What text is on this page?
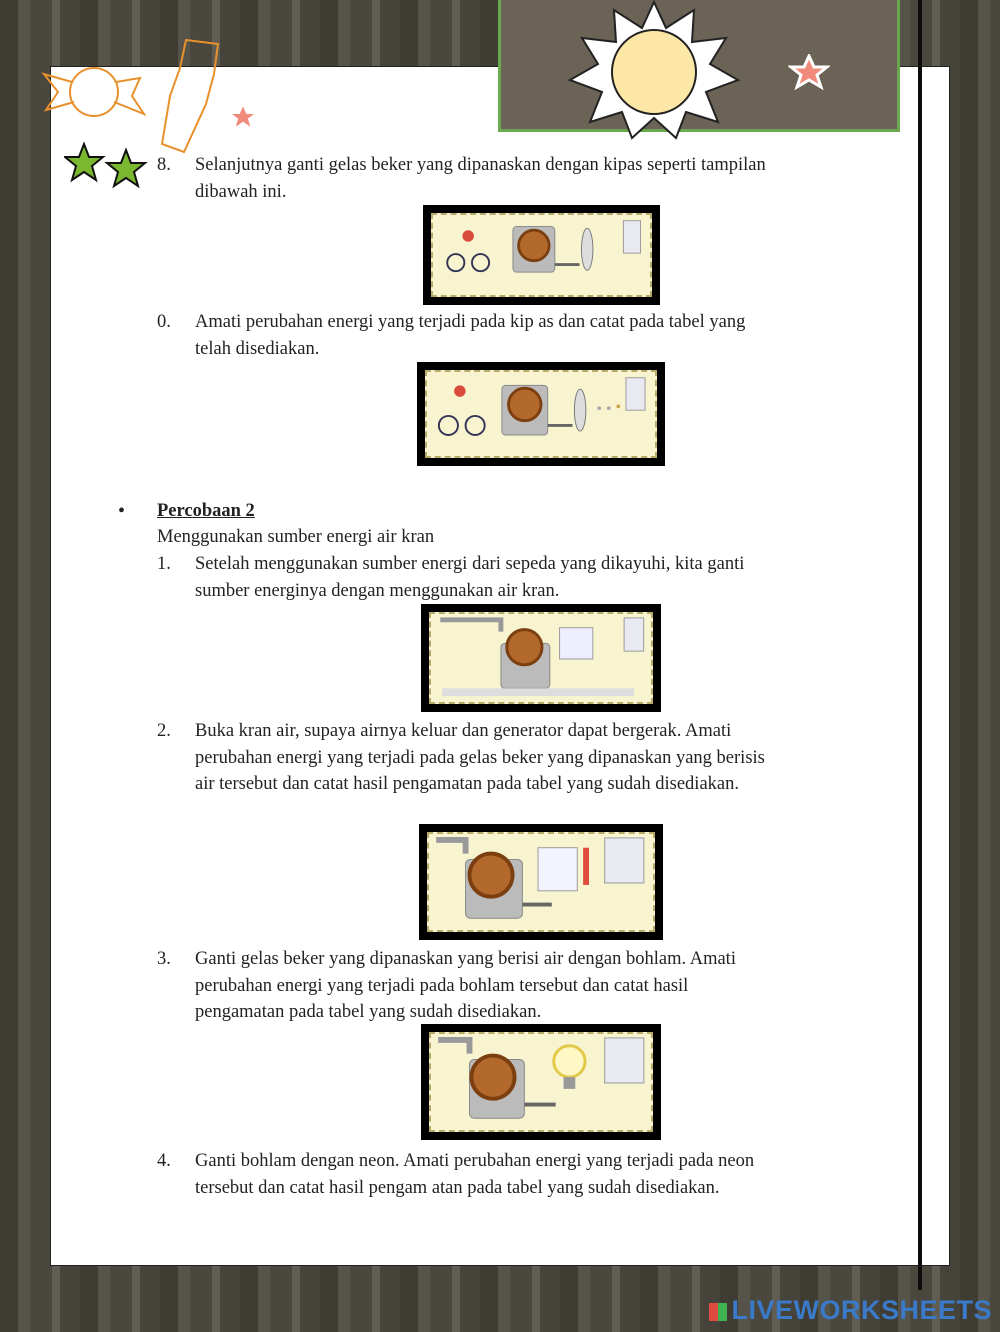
8.	Selanjutnya ganti gelas beker yang dipanaskan dengan kipas seperti tampilan dibawah ini.
0.	Amati perubahan energi yang terjadi pada kip as dan catat pada tabel yang telah disediakan.
• Percobaan 2
Menggunakan sumber energi air kran
1.	Setelah menggunakan sumber energi dari sepeda yang dikayuhi, kita ganti sumber energinya dengan menggunakan air kran.
2.	Buka kran air, supaya airnya keluar dan generator dapat bergerak. Amati perubahan energi yang terjadi pada gelas beker yang dipanaskan yang berisis air tersebut dan catat hasil pengamatan pada tabel yang sudah disediakan.
3.	Ganti gelas beker yang dipanaskan yang berisi air dengan bohlam. Amati perubahan energi yang terjadi pada bohlam tersebut dan catat hasil pengamatan pada tabel yang sudah disediakan.
4.	Ganti bohlam dengan neon. Amati perubahan energi yang terjadi pada neon tersebut dan catat hasil pengam atan pada tabel yang sudah disediakan.
LIVEWORKSHEETS
